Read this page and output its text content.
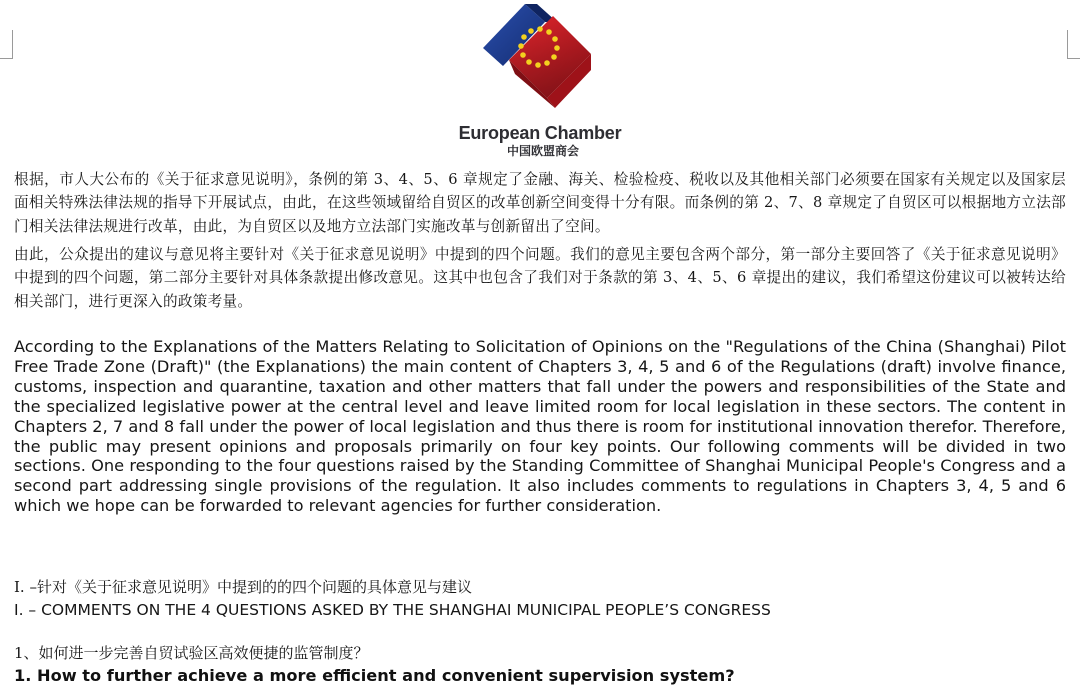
European Chamber
中国欧盟商会

根据，市人大公布的《关于征求意见说明》，条例的第 3、4、5、6 章规定了金融、海关、检验检疫、税收以及其他相关部门必须要在国家有关规定以及国家层面相关特殊法律法规的指导下开展试点，由此，在这些领域留给自贸区的改革创新空间变得十分有限。而条例的第 2、7、8 章规定了自贸区可以根据地方立法部门相关法律法规进行改革，由此，为自贸区以及地方立法部门实施改革与创新留出了空间。

由此，公众提出的建议与意见将主要针对《关于征求意见说明》中提到的四个问题。我们的意见主要包含两个部分，第一部分主要回答了《关于征求意见说明》中提到的四个问题，第二部分主要针对具体条款提出修改意见。这其中也包含了我们对于条款的第 3、4、5、6 章提出的建议，我们希望这份建议可以被转达给相关部门，进行更深入的政策考量。

According to the Explanations of the Matters Relating to Solicitation of Opinions on the "Regulations of the China (Shanghai) Pilot Free Trade Zone (Draft)" (the Explanations) the main content of Chapters 3, 4, 5 and 6 of the Regulations (draft) involve finance, customs, inspection and quarantine, taxation and other matters that fall under the powers and responsibilities of the State and the specialized legislative power at the central level and leave limited room for local legislation in these sectors. The content in Chapters 2, 7 and 8 fall under the power of local legislation and thus there is room for institutional innovation therefor. Therefore, the public may present opinions and proposals primarily on four key points. Our following comments will be divided in two sections. One responding to the four questions raised by the Standing Committee of Shanghai Municipal People's Congress and a second part addressing single provisions of the regulation. It also includes comments to regulations in Chapters 3, 4, 5 and 6 which we hope can be forwarded to relevant agencies for further consideration.

I. –针对《关于征求意见说明》中提到的的四个问题的具体意见与建议

I. – COMMENTS ON THE 4 QUESTIONS ASKED BY THE SHANGHAI MUNICIPAL PEOPLE’S CONGRESS

1、如何进一步完善自贸试验区高效便捷的监管制度？

1. How to further achieve a more efficient and convenient supervision system?
